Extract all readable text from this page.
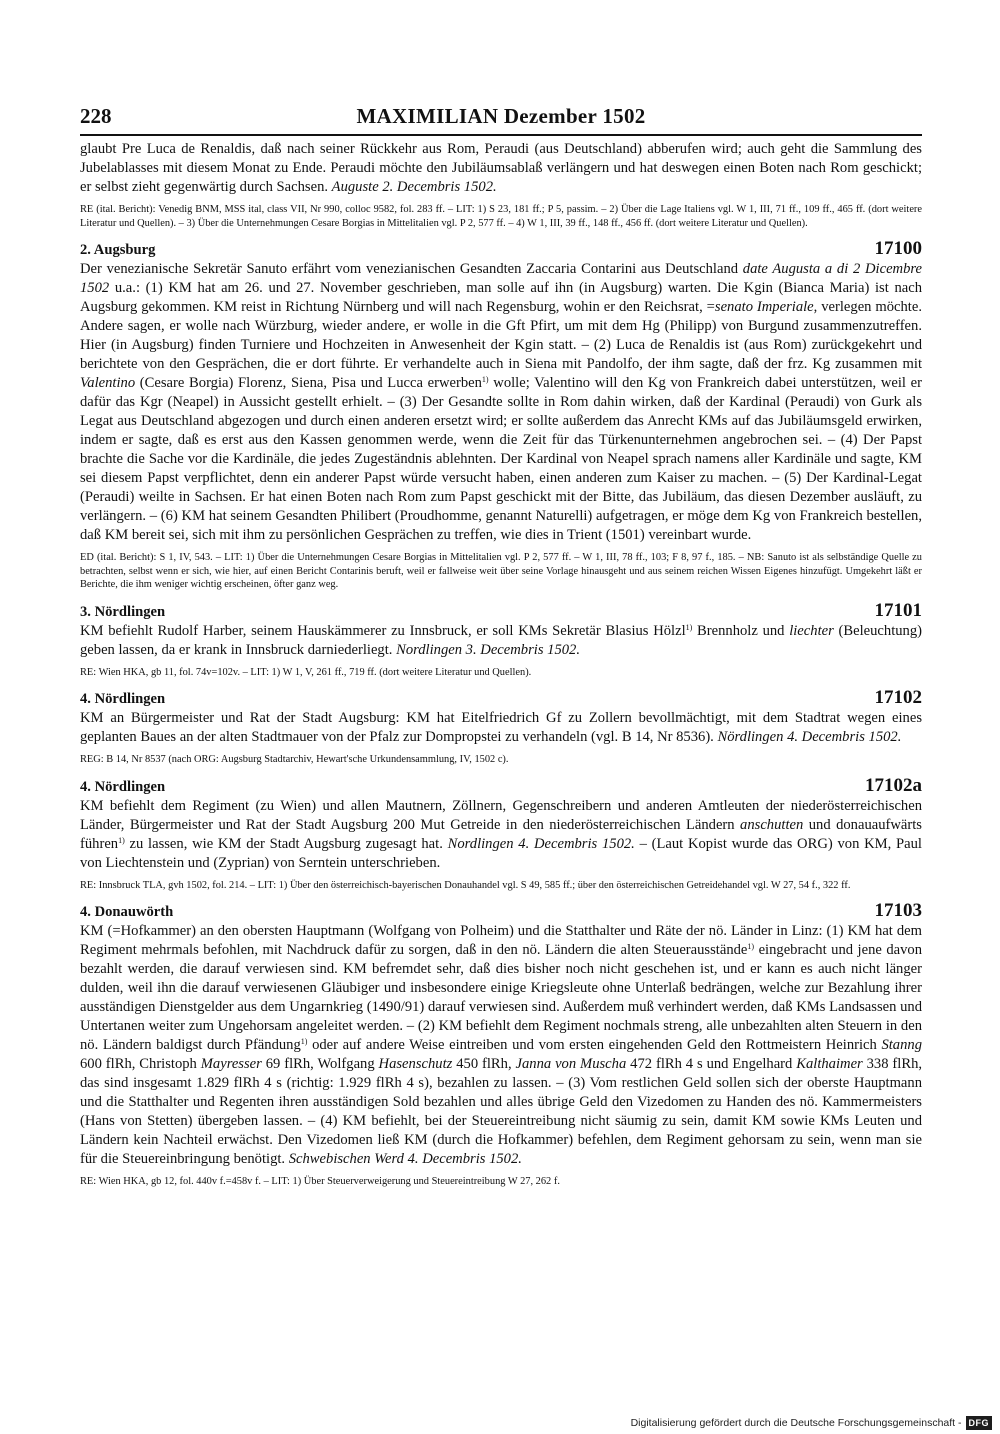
228	MAXIMILIAN Dezember 1502

glaubt Pre Luca de Renaldis, daß nach seiner Rückkehr aus Rom, Peraudi (aus Deutschland) abberufen wird; auch geht die Sammlung des Jubelablasses mit diesem Monat zu Ende. Peraudi möchte den Jubiläumsablaß verlängern und hat deswegen einen Boten nach Rom geschickt; er selbst zieht gegenwärtig durch Sachsen. Auguste 2. Decembris 1502.

RE (ital. Bericht): Venedig BNM, MSS ital, class VII, Nr 990, colloc 9582, fol. 283 ff. – LIT: 1) S 23, 181 ff.; P 5, passim. – 2) Über die Lage Italiens vgl. W 1, III, 71 ff., 109 ff., 465 ff. (dort weitere Literatur und Quellen). – 3) Über die Unternehmungen Cesare Borgias in Mittelitalien vgl. P 2, 577 ff. – 4) W 1, III, 39 ff., 148 ff., 456 ff. (dort weitere Literatur und Quellen).

2. Augsburg	17100

Der venezianische Sekretär Sanuto erfährt vom venezianischen Gesandten Zaccaria Contarini aus Deutschland date Augusta a di 2 Dicembre 1502 u.a.: (1) KM hat am 26. und 27. November geschrieben, man solle auf ihn (in Augsburg) warten. Die Kgin (Bianca Maria) ist nach Augsburg gekommen. KM reist in Richtung Nürnberg und will nach Regensburg, wohin er den Reichsrat, =senato Imperiale, verlegen möchte. Andere sagen, er wolle nach Würzburg, wieder andere, er wolle in die Gft Pfirt, um mit dem Hg (Philipp) von Burgund zusammenzutreffen. Hier (in Augsburg) finden Turniere und Hochzeiten in Anwesenheit der Kgin statt. – (2) Luca de Renaldis ist (aus Rom) zurückgekehrt und berichtete von den Gesprächen, die er dort führte. Er verhandelte auch in Siena mit Pandolfo, der ihm sagte, daß der frz. Kg zusammen mit Valentino (Cesare Borgia) Florenz, Siena, Pisa und Lucca erwerben$^{1)}$ wolle; Valentino will den Kg von Frankreich dabei unterstützen, weil er dafür das Kgr (Neapel) in Aussicht gestellt erhielt. – (3) Der Gesandte sollte in Rom dahin wirken, daß der Kardinal (Peraudi) von Gurk als Legat aus Deutschland abgezogen und durch einen anderen ersetzt wird; er sollte außerdem das Anrecht KMs auf das Jubiläumsgeld erwirken, indem er sagte, daß es erst aus den Kassen genommen werde, wenn die Zeit für das Türkenunternehmen angebrochen sei. – (4) Der Papst brachte die Sache vor die Kardinäle, die jedes Zugeständnis ablehnten. Der Kardinal von Neapel sprach namens aller Kardinäle und sagte, KM sei diesem Papst verpflichtet, denn ein anderer Papst würde versucht haben, einen anderen zum Kaiser zu machen. – (5) Der Kardinal-Legat (Peraudi) weilte in Sachsen. Er hat einen Boten nach Rom zum Papst geschickt mit der Bitte, das Jubiläum, das diesen Dezember ausläuft, zu verlängern. – (6) KM hat seinem Gesandten Philibert (Proudhomme, genannt Naturelli) aufgetragen, er möge dem Kg von Frankreich bestellen, daß KM bereit sei, sich mit ihm zu persönlichen Gesprächen zu treffen, wie dies in Trient (1501) vereinbart wurde.

ED (ital. Bericht): S 1, IV, 543. – LIT: 1) Über die Unternehmungen Cesare Borgias in Mittelitalien vgl. P 2, 577 ff. – W 1, III, 78 ff., 103; F 8, 97 f., 185. – NB: Sanuto ist als selbständige Quelle zu betrachten, selbst wenn er sich, wie hier, auf einen Bericht Contarinis beruft, weil er fallweise weit über seine Vorlage hinausgeht und aus seinem reichen Wissen Eigenes hinzufügt. Umgekehrt läßt er Berichte, die ihm weniger wichtig erscheinen, öfter ganz weg.

3. Nördlingen	17101

KM befiehlt Rudolf Harber, seinem Hauskämmerer zu Innsbruck, er soll KMs Sekretär Blasius Hölzl$^{1)}$ Brennholz und liechter (Beleuchtung) geben lassen, da er krank in Innsbruck darniederliegt. Nordlingen 3. Decembris 1502.

RE: Wien HKA, gb 11, fol. 74v=102v. – LIT: 1) W 1, V, 261 ff., 719 ff. (dort weitere Literatur und Quellen).

4. Nördlingen	17102

KM an Bürgermeister und Rat der Stadt Augsburg: KM hat Eitelfriedrich Gf zu Zollern bevollmächtigt, mit dem Stadtrat wegen eines geplanten Baues an der alten Stadtmauer von der Pfalz zur Dompropstei zu verhandeln (vgl. B 14, Nr 8536). Nördlingen 4. Decembris 1502.

REG: B 14, Nr 8537 (nach ORG: Augsburg Stadtarchiv, Hewart'sche Urkundensammlung, IV, 1502 c).

4. Nördlingen	17102a

KM befiehlt dem Regiment (zu Wien) und allen Mautnern, Zöllnern, Gegenschreibern und anderen Amtleuten der niederösterreichischen Länder, Bürgermeister und Rat der Stadt Augsburg 200 Mut Getreide in den niederösterreichischen Ländern anschutten und donauaufwärts führen$^{1)}$ zu lassen, wie KM der Stadt Augsburg zugesagt hat. Nordlingen 4. Decembris 1502. – (Laut Kopist wurde das ORG) von KM, Paul von Liechtenstein und (Zyprian) von Serntein unterschrieben.

RE: Innsbruck TLA, gvh 1502, fol. 214. – LIT: 1) Über den österreichisch-bayerischen Donauhandel vgl. S 49, 585 ff.; über den österreichischen Getreidehandel vgl. W 27, 54 f., 322 ff.

4. Donauwörth	17103

KM (=Hofkammer) an den obersten Hauptmann (Wolfgang von Polheim) und die Statthalter und Räte der nö. Länder in Linz: (1) KM hat dem Regiment mehrmals befohlen, mit Nachdruck dafür zu sorgen, daß in den nö. Ländern die alten Steuerausstände$^{1)}$ eingebracht und jene davon bezahlt werden, die darauf verwiesen sind. KM befremdet sehr, daß dies bisher noch nicht geschehen ist, und er kann es auch nicht länger dulden, weil ihn die darauf verwiesenen Gläubiger und insbesondere einige Kriegsleute ohne Unterlaß bedrängen, welche zur Bezahlung ihrer ausständigen Dienstgelder aus dem Ungarnkrieg (1490/91) darauf verwiesen sind. Außerdem muß verhindert werden, daß KMs Landsassen und Untertanen weiter zum Ungehorsam angeleitet werden. – (2) KM befiehlt dem Regiment nochmals streng, alle unbezahlten alten Steuern in den nö. Ländern baldigst durch Pfändung$^{1)}$ oder auf andere Weise eintreiben und vom ersten eingehenden Geld den Rottmeistern Heinrich Stanng 600 flRh, Christoph Mayresser 69 flRh, Wolfgang Hasenschutz 450 flRh, Janna von Muscha 472 flRh 4 s und Engelhard Kalthaimer 338 flRh, das sind insgesamt 1.829 flRh 4 s (richtig: 1.929 flRh 4 s), bezahlen zu lassen. – (3) Vom restlichen Geld sollen sich der oberste Hauptmann und die Statthalter und Regenten ihren ausständigen Sold bezahlen und alles übrige Geld den Vizedomen zu Handen des nö. Kammermeisters (Hans von Stetten) übergeben lassen. – (4) KM befiehlt, bei der Steuereintreibung nicht säumig zu sein, damit KM sowie KMs Leuten und Ländern kein Nachteil erwächst. Den Vizedomen ließ KM (durch die Hofkammer) befehlen, dem Regiment gehorsam zu sein, wenn man sie für die Steuereinbringung benötigt. Schwebischen Werd 4. Decembris 1502.

RE: Wien HKA, gb 12, fol. 440v f.=458v f. – LIT: 1) Über Steuerverweigerung und Steuereintreibung W 27, 262 f.

Digitalisierung gefördert durch die Deutsche Forschungsgemeinschaft - DFG
